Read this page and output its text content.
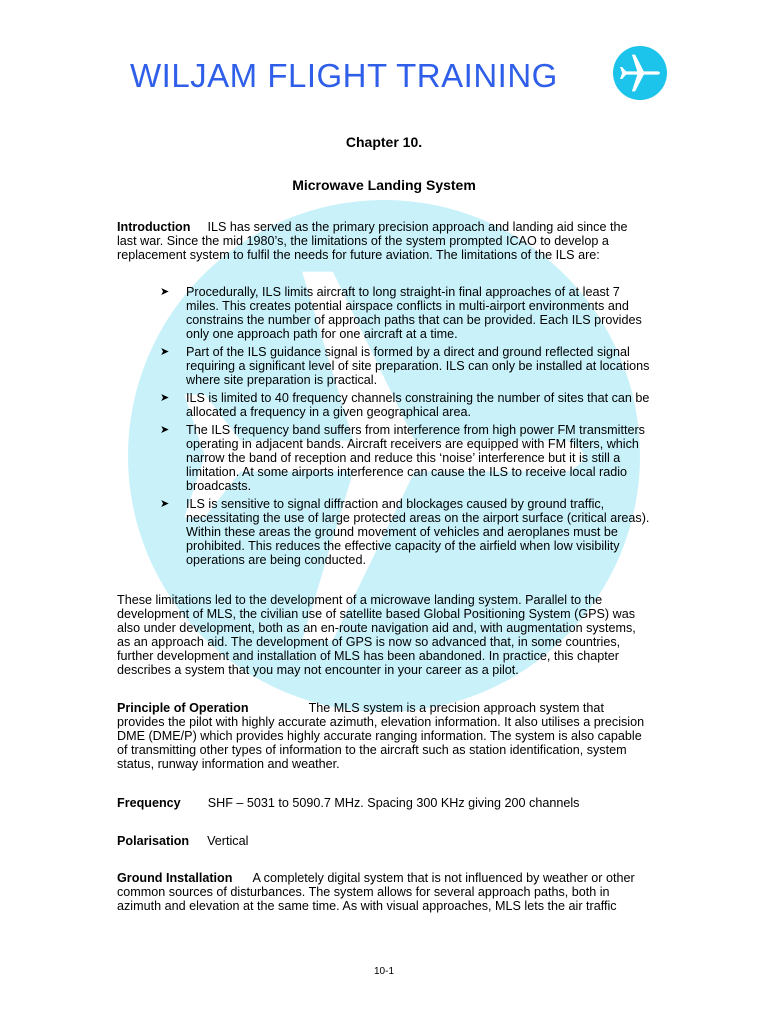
WILJAM FLIGHT TRAINING
Chapter 10.
Microwave Landing System

Introduction ILS has served as the primary precision approach and landing aid since the last war. Since the mid 1980’s, the limitations of the system prompted ICAO to develop a replacement system to fulfil the needs for future aviation. The limitations of the ILS are:

➤ Procedurally, ILS limits aircraft to long straight-in final approaches of at least 7 miles. This creates potential airspace conflicts in multi-airport environments and constrains the number of approach paths that can be provided. Each ILS provides only one approach path for one aircraft at a time.
➤ Part of the ILS guidance signal is formed by a direct and ground reflected signal requiring a significant level of site preparation. ILS can only be installed at locations where site preparation is practical.
➤ ILS is limited to 40 frequency channels constraining the number of sites that can be allocated a frequency in a given geographical area.
➤ The ILS frequency band suffers from interference from high power FM transmitters operating in adjacent bands. Aircraft receivers are equipped with FM filters, which narrow the band of reception and reduce this ‘noise’ interference but it is still a limitation. At some airports interference can cause the ILS to receive local radio broadcasts.
➤ ILS is sensitive to signal diffraction and blockages caused by ground traffic, necessitating the use of large protected areas on the airport surface (critical areas). Within these areas the ground movement of vehicles and aeroplanes must be prohibited. This reduces the effective capacity of the airfield when low visibility operations are being conducted.

These limitations led to the development of a microwave landing system. Parallel to the development of MLS, the civilian use of satellite based Global Positioning System (GPS) was also under development, both as an en-route navigation aid and, with augmentation systems, as an approach aid. The development of GPS is now so advanced that, in some countries, further development and installation of MLS has been abandoned. In practice, this chapter describes a system that you may not encounter in your career as a pilot.

Principle of Operation	The MLS system is a precision approach system that provides the pilot with highly accurate azimuth, elevation information. It also utilises a precision DME (DME/P) which provides highly accurate ranging information. The system is also capable of transmitting other types of information to the aircraft such as station identification, system status, runway information and weather.

Frequency SHF – 5031 to 5090.7 MHz. Spacing 300 KHz giving 200 channels

Polarisation Vertical

Ground Installation A completely digital system that is not influenced by weather or other common sources of disturbances. The system allows for several approach paths, both in azimuth and elevation at the same time. As with visual approaches, MLS lets the air traffic

10-1
